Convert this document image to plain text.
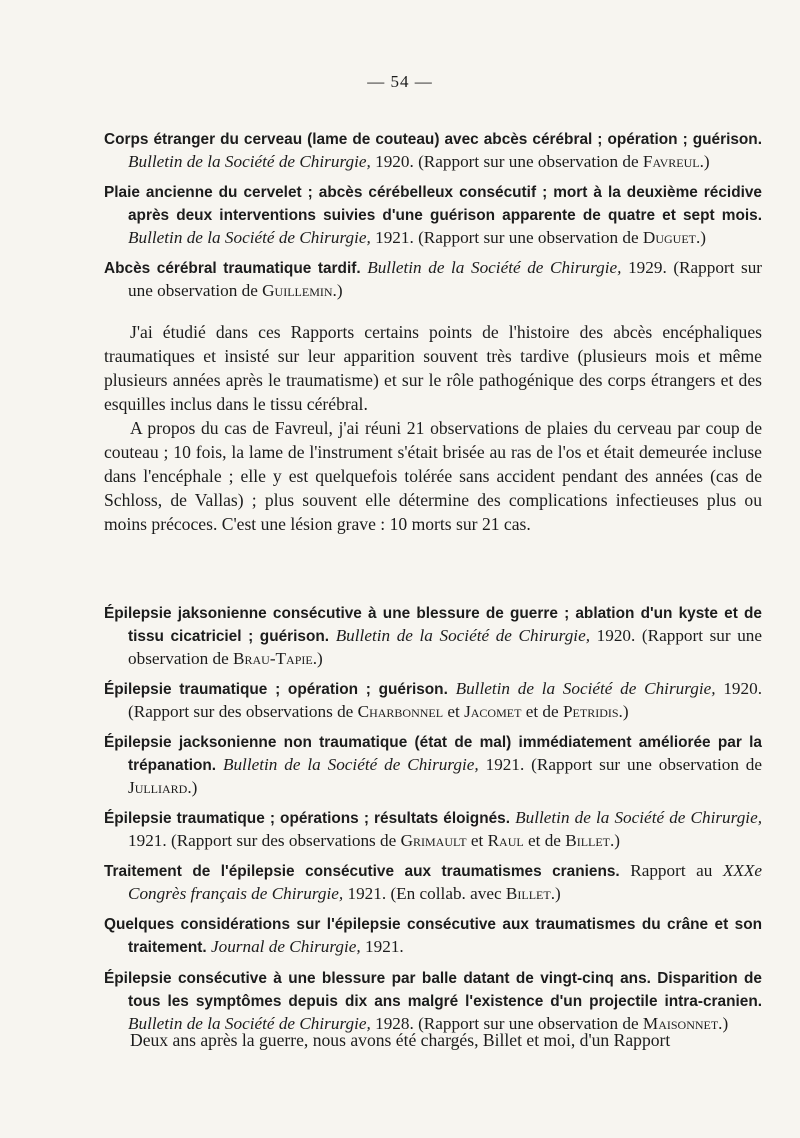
— 54 —

Corps étranger du cerveau (lame de couteau) avec abcès cérébral ; opération ; guérison. Bulletin de la Société de Chirurgie, 1920. (Rapport sur une observation de Favreul.)

Plaie ancienne du cervelet ; abcès cérébelleux consécutif ; mort à la deuxième récidive après deux interventions suivies d'une guérison apparente de quatre et sept mois. Bulletin de la Société de Chirurgie, 1921. (Rapport sur une observation de Duguet.)

Abcès cérébral traumatique tardif. Bulletin de la Société de Chirurgie, 1929. (Rapport sur une observation de Guillemin.)

J'ai étudié dans ces Rapports certains points de l'histoire des abcès encéphaliques traumatiques et insisté sur leur apparition souvent très tardive (plusieurs mois et même plusieurs années après le traumatisme) et sur le rôle pathogénique des corps étrangers et des esquilles inclus dans le tissu cérébral.

A propos du cas de Favreul, j'ai réuni 21 observations de plaies du cerveau par coup de couteau ; 10 fois, la lame de l'instrument s'était brisée au ras de l'os et était demeurée incluse dans l'encéphale ; elle y est quelquefois tolérée sans accident pendant des années (cas de Schloss, de Vallas) ; plus souvent elle détermine des complications infectieuses plus ou moins précoces. C'est une lésion grave : 10 morts sur 21 cas.

Épilepsie jaksonienne consécutive à une blessure de guerre ; ablation d'un kyste et de tissu cicatriciel ; guérison. Bulletin de la Société de Chirurgie, 1920. (Rapport sur une observation de Brau-Tapie.)

Épilepsie traumatique ; opération ; guérison. Bulletin de la Société de Chirurgie, 1920. (Rapport sur des observations de Charbonnel et Jacomet et de Petridis.)

Épilepsie jacksonienne non traumatique (état de mal) immédiatement améliorée par la trépanation. Bulletin de la Société de Chirurgie, 1921. (Rapport sur une observation de Julliard.)

Épilepsie traumatique ; opérations ; résultats éloignés. Bulletin de la Société de Chirurgie, 1921. (Rapport sur des observations de Grimault et Raul et de Billet.)

Traitement de l'épilepsie consécutive aux traumatismes craniens. Rapport au XXXe Congrès français de Chirurgie, 1921. (En collab. avec Billet.)

Quelques considérations sur l'épilepsie consécutive aux traumatismes du crâne et son traitement. Journal de Chirurgie, 1921.

Épilepsie consécutive à une blessure par balle datant de vingt-cinq ans. Disparition de tous les symptômes depuis dix ans malgré l'existence d'un projectile intra-cranien. Bulletin de la Société de Chirurgie, 1928. (Rapport sur une observation de Maisonnet.)

Deux ans après la guerre, nous avons été chargés, Billet et moi, d'un Rapport
